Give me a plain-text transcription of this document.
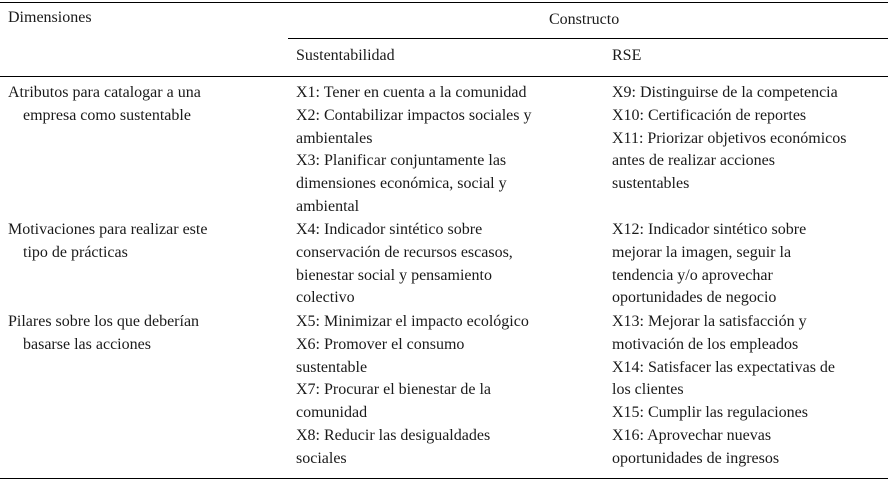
Dimensiones	Constructo
Sustentabilidad	RSE
Atributos para catalogar a una
empresa como sustentable
X1: Tener en cuenta a la comunidad
X2: Contabilizar impactos sociales y
ambientales
X3: Planificar conjuntamente las
dimensiones económica, social y
ambiental
X9: Distinguirse de la competencia
X10: Certificación de reportes
X11: Priorizar objetivos económicos
antes de realizar acciones
sustentables
Motivaciones para realizar este
tipo de prácticas
X4: Indicador sintético sobre
conservación de recursos escasos,
bienestar social y pensamiento
colectivo
X12: Indicador sintético sobre
mejorar la imagen, seguir la
tendencia y/o aprovechar
oportunidades de negocio
Pilares sobre los que deberían
basarse las acciones
X5: Minimizar el impacto ecológico
X6: Promover el consumo
sustentable
X7: Procurar el bienestar de la
comunidad
X8: Reducir las desigualdades
sociales
X13: Mejorar la satisfacción y
motivación de los empleados
X14: Satisfacer las expectativas de
los clientes
X15: Cumplir las regulaciones
X16: Aprovechar nuevas
oportunidades de ingresos
